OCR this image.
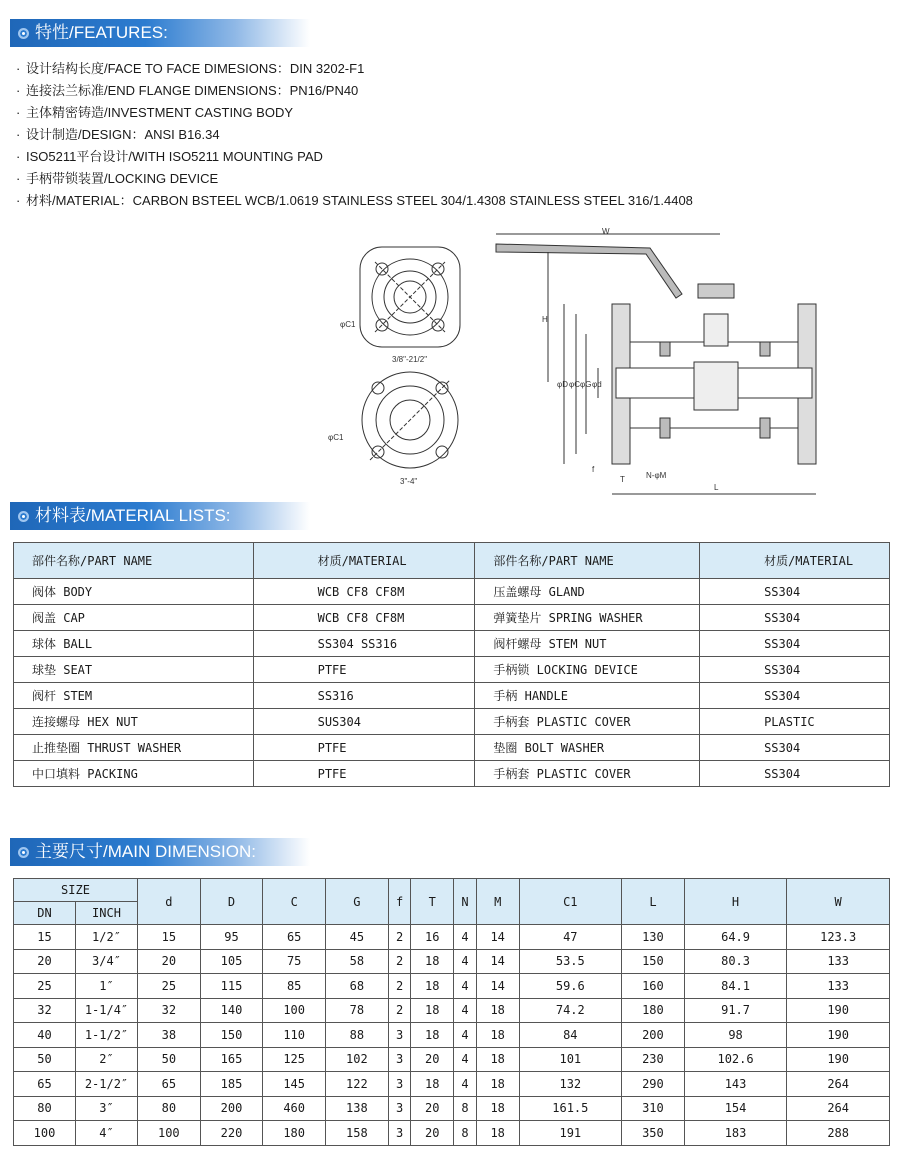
特性/FEATURES:
· 设计结构长度/FACE TO FACE DIMESIONS：DIN 3202-F1
· 连接法兰标准/END FLANGE DIMENSIONS：PN16/PN40
· 主体精密铸造/INVESTMENT CASTING BODY
· 设计制造/DESIGN：ANSI B16.34
· ISO5211平台设计/WITH ISO5211 MOUNTING PAD
· 手柄带锁装置/LOCKING DEVICE
· 材料/MATERIAL：CARBON BSTEEL WCB/1.0619 STAINLESS STEEL 304/1.4308 STAINLESS STEEL 316/1.4408
φC1
3/8"-21/2"
φC1
3"-4"
W
H
φD φC φG φd
L
f
T	N-φM
材料表/MATERIAL LISTS:
部件名称/PART NAME	材质/MATERIAL	部件名称/PART NAME	材质/MATERIAL
阀体 BODY	WCB CF8 CF8M	压盖螺母 GLAND	SS304
阀盖 CAP	WCB CF8 CF8M	弹簧垫片 SPRING WASHER	SS304
球体 BALL	SS304 SS316	阀杆螺母 STEM NUT	SS304
球垫 SEAT	PTFE	手柄锁 LOCKING DEVICE	SS304
阀杆 STEM	SS316	手柄 HANDLE	SS304
连接螺母 HEX NUT	SUS304	手柄套 PLASTIC COVER	PLASTIC
止推垫圈 THRUST WASHER	PTFE	垫圈 BOLT WASHER	SS304
中口填料 PACKING	PTFE	手柄套 PLASTIC COVER	SS304
主要尺寸/MAIN DIMENSION:
SIZE		d	D	C	G	f	T	N	M	C1	L	H	W
DN	INCH												
15	1/2″	15	95	65	45	2	16	4	14	47	130	64.9	123.3
20	3/4″	20	105	75	58	2	18	4	14	53.5	150	80.3	133
25	1″	25	115	85	68	2	18	4	14	59.6	160	84.1	133
32	1-1/4″	32	140	100	78	2	18	4	18	74.2	180	91.7	190
40	1-1/2″	38	150	110	88	3	18	4	18	84	200	98	190
50	2″	50	165	125	102	3	20	4	18	101	230	102.6	190
65	2-1/2″	65	185	145	122	3	18	4	18	132	290	143	264
80	3″	80	200	460	138	3	20	8	18	161.5	310	154	264
100	4″	100	220	180	158	3	20	8	18	191	350	183	288
